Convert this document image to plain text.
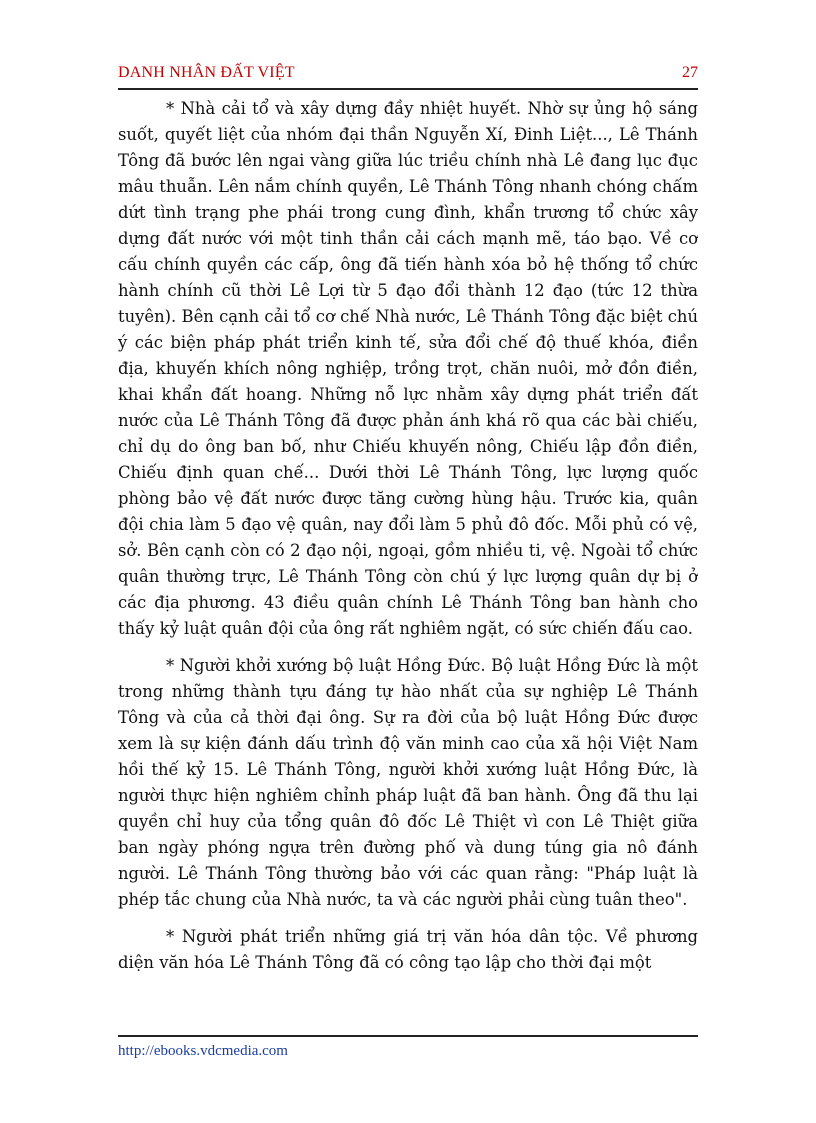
DANH NHÂN ĐẤT VIỆT	27

* Nhà cải tổ và xây dựng đầy nhiệt huyết. Nhờ sự ủng hộ sáng suốt, quyết liệt của nhóm đại thần Nguyễn Xí, Đinh Liệt..., Lê Thánh Tông đã bước lên ngai vàng giữa lúc triều chính nhà Lê đang lục đục mâu thuẫn. Lên nắm chính quyền, Lê Thánh Tông nhanh chóng chấm dứt tình trạng phe phái trong cung đình, khẩn trương tổ chức xây dựng đất nước với một tinh thần cải cách mạnh mẽ, táo bạo. Về cơ cấu chính quyền các cấp, ông đã tiến hành xóa bỏ hệ thống tổ chức hành chính cũ thời Lê Lợi từ 5 đạo đổi thành 12 đạo (tức 12 thừa tuyên). Bên cạnh cải tổ cơ chế Nhà nước, Lê Thánh Tông đặc biệt chú ý các biện pháp phát triển kinh tế, sửa đổi chế độ thuế khóa, điền địa, khuyến khích nông nghiệp, trồng trọt, chăn nuôi, mở đồn điền, khai khẩn đất hoang. Những nỗ lực nhằm xây dựng phát triển đất nước của Lê Thánh Tông đã được phản ánh khá rõ qua các bài chiếu, chỉ dụ do ông ban bố, như Chiếu khuyến nông, Chiếu lập đồn điền, Chiếu định quan chế... Dưới thời Lê Thánh Tông, lực lượng quốc phòng bảo vệ đất nước được tăng cường hùng hậu. Trước kia, quân đội chia làm 5 đạo vệ quân, nay đổi làm 5 phủ đô đốc. Mỗi phủ có vệ, sở. Bên cạnh còn có 2 đạo nội, ngoại, gồm nhiều ti, vệ. Ngoài tổ chức quân thường trực, Lê Thánh Tông còn chú ý lực lượng quân dự bị ở các địa phương. 43 điều quân chính Lê Thánh Tông ban hành cho thấy kỷ luật quân đội của ông rất nghiêm ngặt, có sức chiến đấu cao.

* Người khởi xướng bộ luật Hồng Đức. Bộ luật Hồng Đức là một trong những thành tựu đáng tự hào nhất của sự nghiệp Lê Thánh Tông và của cả thời đại ông. Sự ra đời của bộ luật Hồng Đức được xem là sự kiện đánh dấu trình độ văn minh cao của xã hội Việt Nam hồi thế kỷ 15. Lê Thánh Tông, người khởi xướng luật Hồng Đức, là người thực hiện nghiêm chỉnh pháp luật đã ban hành. Ông đã thu lại quyền chỉ huy của tổng quân đô đốc Lê Thiệt vì con Lê Thiệt giữa ban ngày phóng ngựa trên đường phố và dung túng gia nô đánh người. Lê Thánh Tông thường bảo với các quan rằng: "Pháp luật là phép tắc chung của Nhà nước, ta và các người phải cùng tuân theo".

* Người phát triển những giá trị văn hóa dân tộc. Về phương diện văn hóa Lê Thánh Tông đã có công tạo lập cho thời đại một

http://ebooks.vdcmedia.com
